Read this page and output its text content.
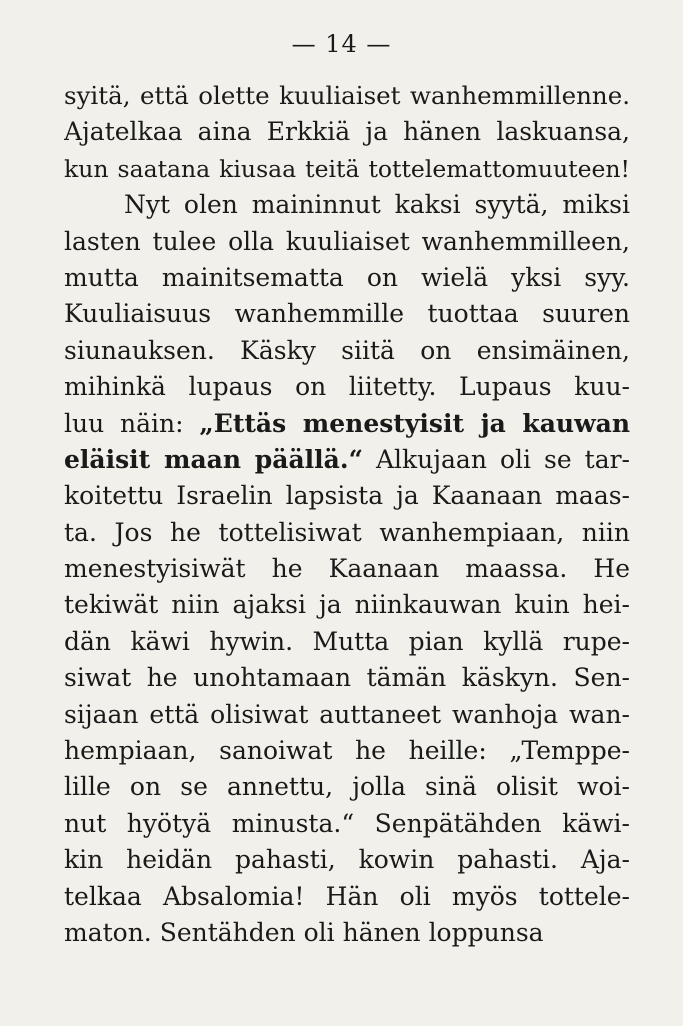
— 14 —
syitä, että olette kuuliaiset wanhemmillenne.
Ajatelkaa aina Erkkiä ja hänen laskuansa,
kun saatana kiusaa teitä tottelemattomuuteen!
Nyt olen maininnut kaksi syytä, miksi
lasten tulee olla kuuliaiset wanhemmilleen,
mutta mainitsematta on wielä yksi syy.
Kuuliaisuus wanhemmille tuottaa suuren
siunauksen. Käsky siitä on ensimäinen,
mihinkä lupaus on liitetty. Lupaus kuu-
luu näin: „Ettäs menestyisit ja kauwan
eläisit maan päällä.“ Alkujaan oli se tar-
koitettu Israelin lapsista ja Kaanaan maas-
ta. Jos he tottelisiwat wanhempiaan, niin
menestyisiwät he Kaanaan maassa. He
tekiwät niin ajaksi ja niinkauwan kuin hei-
dän käwi hywin. Mutta pian kyllä rupe-
siwat he unohtamaan tämän käskyn. Sen-
sijaan että olisiwat auttaneet wanhoja wan-
hempiaan, sanoiwat he heille: „Temppe-
lille on se annettu, jolla sinä olisit woi-
nut hyötyä minusta.“ Senpätähden käwi-
kin heidän pahasti, kowin pahasti. Aja-
telkaa Absalomia! Hän oli myös tottele-
maton. Sentähden oli hänen loppunsa
